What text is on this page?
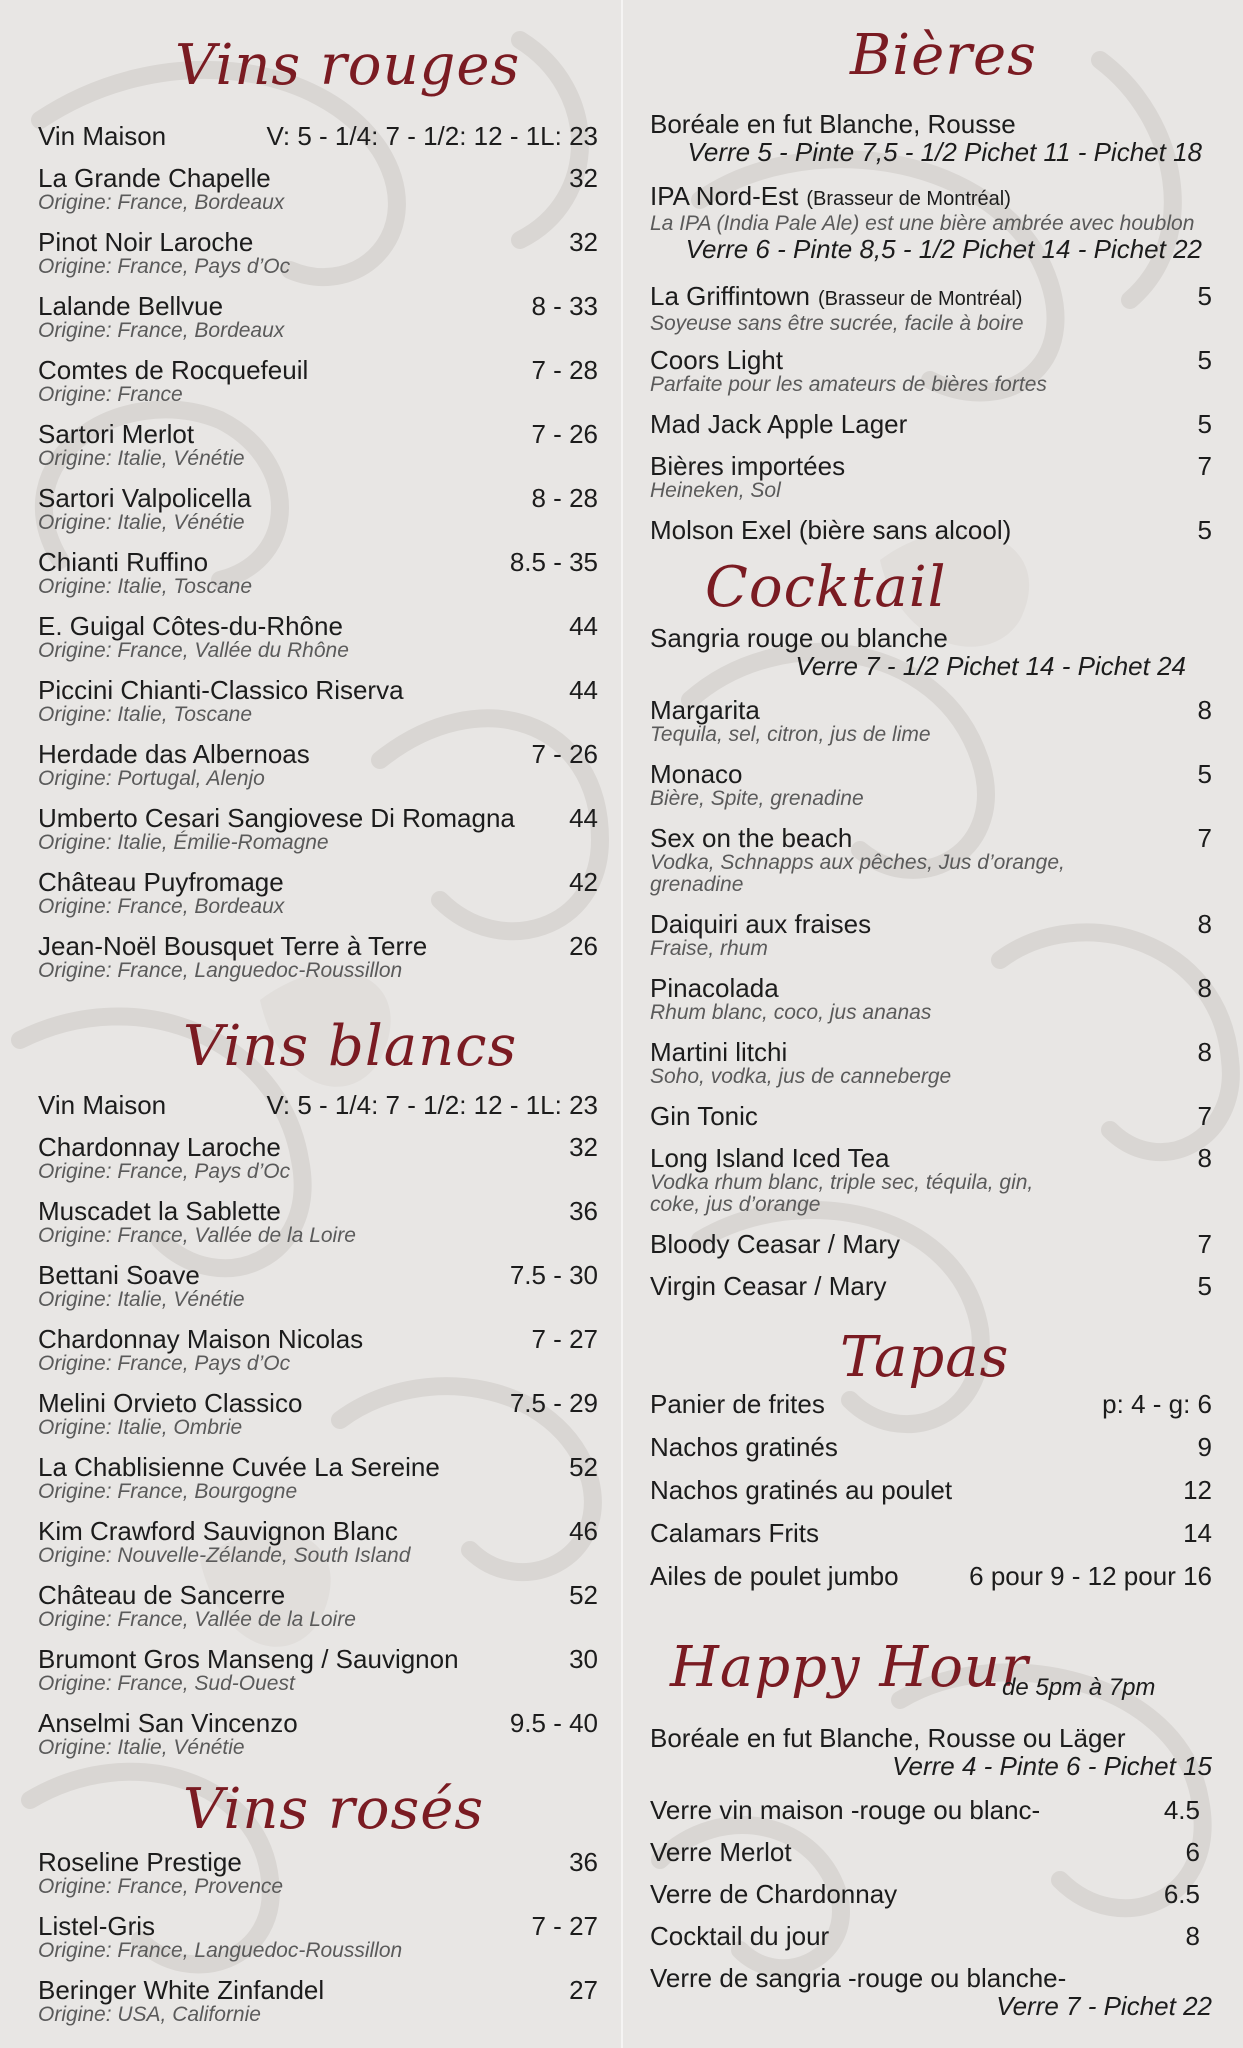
Vins rouges
Vin Maison	V: 5 - 1/4: 7 - 1/2: 12 - 1L: 23
La Grande Chapelle	32
Origine: France, Bordeaux
Pinot Noir Laroche	32
Origine: France, Pays d’Oc
Lalande Bellvue	8 - 33
Origine: France, Bordeaux
Comtes de Rocquefeuil	7 - 28
Origine: France
Sartori Merlot	7 - 26
Origine: Italie, Vénétie
Sartori Valpolicella	8 - 28
Origine: Italie, Vénétie
Chianti Ruffino	8.5 - 35
Origine: Italie, Toscane
E. Guigal Côtes-du-Rhône	44
Origine: France, Vallée du Rhône
Piccini Chianti-Classico Riserva	44
Origine: Italie, Toscane
Herdade das Albernoas	7 - 26
Origine: Portugal, Alenjo
Umberto Cesari Sangiovese Di Romagna 44
Origine: Italie, Émilie-Romagne
Château Puyfromage	42
Origine: France, Bordeaux
Jean-Noël Bousquet Terre à Terre	26
Origine: France, Languedoc-Roussillon
Vins blancs
Vin Maison	V: 5 - 1/4: 7 - 1/2: 12 - 1L: 23
Chardonnay Laroche	32
Origine: France, Pays d’Oc
Muscadet la Sablette	36
Origine: France, Vallée de la Loire
Bettani Soave	7.5 - 30
Origine: Italie, Vénétie
Chardonnay Maison Nicolas	7 - 27
Origine: France, Pays d’Oc
Melini Orvieto Classico	7.5 - 29
Origine: Italie, Ombrie
La Chablisienne Cuvée La Sereine	52
Origine: France, Bourgogne
Kim Crawford Sauvignon Blanc	46
Origine: Nouvelle-Zélande, South Island
Château de Sancerre	52
Origine: France, Vallée de la Loire
Brumont Gros Manseng / Sauvignon	30
Origine: France, Sud-Ouest
Anselmi San Vincenzo	9.5 - 40
Origine: Italie, Vénétie
Vins rosés
Roseline Prestige	36
Origine: France, Provence
Listel-Gris	7 - 27
Origine: France, Languedoc-Roussillon
Beringer White Zinfandel	27
Origine: USA, Californie
Bières
Boréale en fut Blanche, Rousse
Verre 5 - Pinte 7,5 - 1/2 Pichet 11 - Pichet 18
IPA Nord-Est (Brasseur de Montréal)
La IPA (India Pale Ale) est une bière ambrée avec houblon
Verre 6 - Pinte 8,5 - 1/2 Pichet 14 - Pichet 22
La Griffintown (Brasseur de Montréal)	5
Soyeuse sans être sucrée, facile à boire
Coors Light	5
Parfaite pour les amateurs de bières fortes
Mad Jack Apple Lager	5
Bières importées	7
Heineken, Sol
Molson Exel (bière sans alcool)	5
Cocktail
Sangria rouge ou blanche
Verre 7 - 1/2 Pichet 14 - Pichet 24
Margarita	8
Tequila, sel, citron, jus de lime
Monaco	5
Bière, Spite, grenadine
Sex on the beach	7
Vodka, Schnapps aux pêches, Jus d’orange,
grenadine
Daiquiri aux fraises	8
Fraise, rhum
Pinacolada	8
Rhum blanc, coco, jus ananas
Martini litchi	8
Soho, vodka, jus de canneberge
Gin Tonic	7
Long Island Iced Tea	8
Vodka rhum blanc, triple sec, téquila, gin,
coke, jus d’orange
Bloody Ceasar / Mary	7
Virgin Ceasar / Mary	5
Tapas
Panier de frites	p: 4 - g: 6
Nachos gratinés	9
Nachos gratinés au poulet	12
Calamars Frits	14
Ailes de poulet jumbo	6 pour 9 - 12 pour 16
Happy Hour
de 5pm à 7pm
Boréale en fut Blanche, Rousse ou Läger
Verre 4 - Pinte 6 - Pichet 15
Verre vin maison -rouge ou blanc-	4.5
Verre Merlot	6
Verre de Chardonnay	6.5
Cocktail du jour	8
Verre de sangria -rouge ou blanche-
Verre 7 - Pichet 22
